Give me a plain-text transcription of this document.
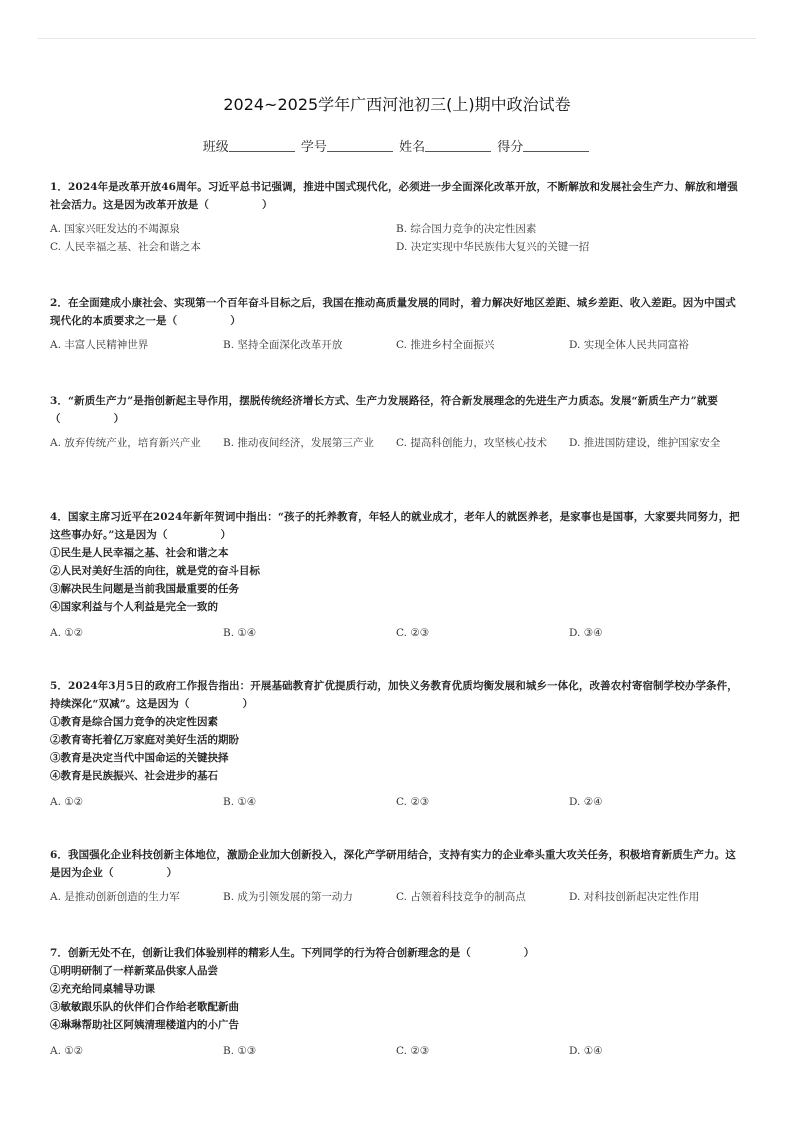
2024~2025学年广西河池初三(上)期中政治试卷
班级	学号	姓名	得分
1．2024年是改革开放46周年。习近平总书记强调，推进中国式现代化，必须进一步全面深化改革开放，不断解放和发展社会生产力、解放和增强社会活力。这是因为改革开放是（　　　　　）
A. 国家兴旺发达的不竭源泉	B. 综合国力竞争的决定性因素
C. 人民幸福之基、社会和谐之本	D. 决定实现中华民族伟大复兴的关键一招
2．在全面建成小康社会、实现第一个百年奋斗目标之后，我国在推动高质量发展的同时，着力解决好地区差距、城乡差距、收入差距。因为中国式现代化的本质要求之一是（　　　　　）
A. 丰富人民精神世界	B. 坚持全面深化改革开放	C. 推进乡村全面振兴	D. 实现全体人民共同富裕
3．“新质生产力”是指创新起主导作用，摆脱传统经济增长方式、生产力发展路径，符合新发展理念的先进生产力质态。发展“新质生产力”就要（　　　　　）
A. 放弃传统产业，培育新兴产业	B. 推动夜间经济，发展第三产业	C. 提高科创能力，攻坚核心技术	D. 推进国防建设，维护国家安全
4．国家主席习近平在2024年新年贺词中指出：“孩子的托养教育，年轻人的就业成才，老年人的就医养老，是家事也是国事，大家要共同努力，把这些事办好。”这是因为（　　　　　）
①民生是人民幸福之基、社会和谐之本
②人民对美好生活的向往，就是党的奋斗目标
③解决民生问题是当前我国最重要的任务
④国家利益与个人利益是完全一致的
A. ①②	B. ①④	C. ②③	D. ③④
5．2024年3月5日的政府工作报告指出：开展基础教育扩优提质行动，加快义务教育优质均衡发展和城乡一体化，改善农村寄宿制学校办学条件，持续深化“双减”。这是因为（　　　　　）
①教育是综合国力竞争的决定性因素
②教育寄托着亿万家庭对美好生活的期盼
③教育是决定当代中国命运的关键抉择
④教育是民族振兴、社会进步的基石
A. ①②	B. ①④	C. ②③	D. ②④
6．我国强化企业科技创新主体地位，激励企业加大创新投入，深化产学研用结合，支持有实力的企业牵头重大攻关任务，积极培育新质生产力。这是因为企业（　　　　　）
A. 是推动创新创造的生力军	B. 成为引领发展的第一动力	C. 占领着科技竞争的制高点	D. 对科技创新起决定性作用
7．创新无处不在，创新让我们体验别样的精彩人生。下列同学的行为符合创新理念的是（　　　　　）
①明明研制了一样新菜品供家人品尝
②充充给同桌辅导功课
③敏敏跟乐队的伙伴们合作给老歌配新曲
④琳琳帮助社区阿姨清理楼道内的小广告
A. ①②	B. ①③	C. ②③	D. ①④
